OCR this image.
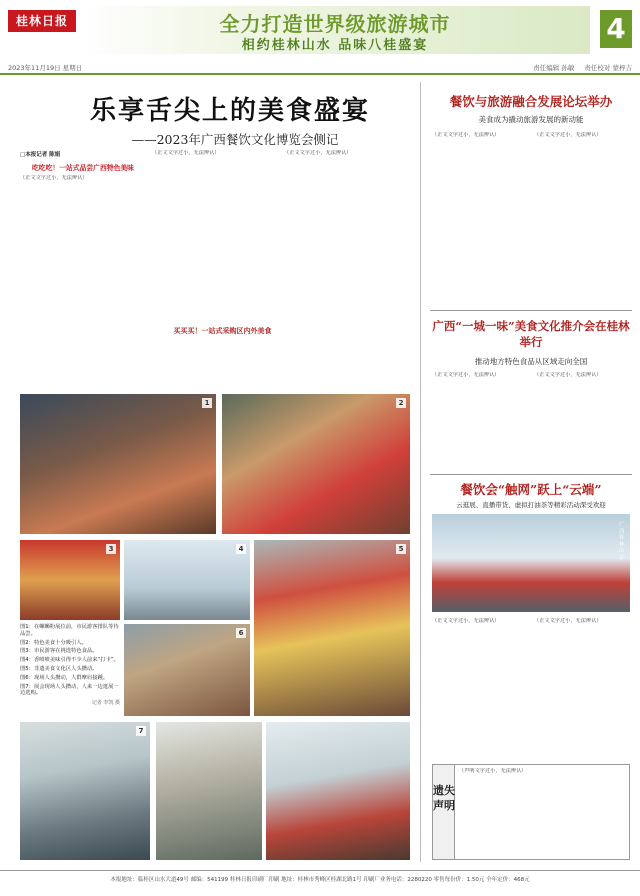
桂林日报	全力打造世界级旅游城市
相约桂林山水 品味八桂盛宴
4
2023年11月19日 星期日	责任编辑 孙敏 责任校对 蒙梓吉
乐享舌尖上的美食盛宴
——2023年广西餐饮文化博览会侧记
□本报记者 陈娟
吃吃吃！一站式品尝广西特色美味
（正文文字过小，无法辨认）
（正文文字过小，无法辨认）
买买买！一站式采购区内外美食
（正文文字过小，无法辨认）
1	2
3	4	5
6
7
图1：在螺蛳粉展位前，市民游客排队等待品尝。
图2：特色美食十分吸引人。
图3：市民游客在挑选特色食品。
图4：香喷喷美味引得不少人前来“打卡”。
图5：非遗美食文化区人头攒动。
图6：现场人头攒动，人群摩肩接踵。
图7：展会现场人头攒动，人来一边逛展一边选购。
记者 李凯 摄
餐饮与旅游融合发展论坛举办
美食成为撬动旅游发展的新动能
（正文文字过小，无法辨认）	（正文文字过小，无法辨认）
广西“一城一味”美食文化推介会在桂林举行
推动地方特色食品从区域走向全国
（正文文字过小，无法辨认）	（正文文字过小，无法辨认）
餐饮会“触网”跃上“云端”
云逛展、直播带货、虚拟打油茶等精彩活动深受欢迎
广西桂林山水
（正文文字过小，无法辨认）	（正文文字过小，无法辨认）
遗失声明
（声明文字过小，无法辨认）
本报地址：临桂区山水大道49号 邮编：541199 桂林日报印刷厂印刷 地址：桂林市秀峰区桂湖北路1号 印刷厂业务电话：2280220 零售每份价：1.50元 全年定价：468元
